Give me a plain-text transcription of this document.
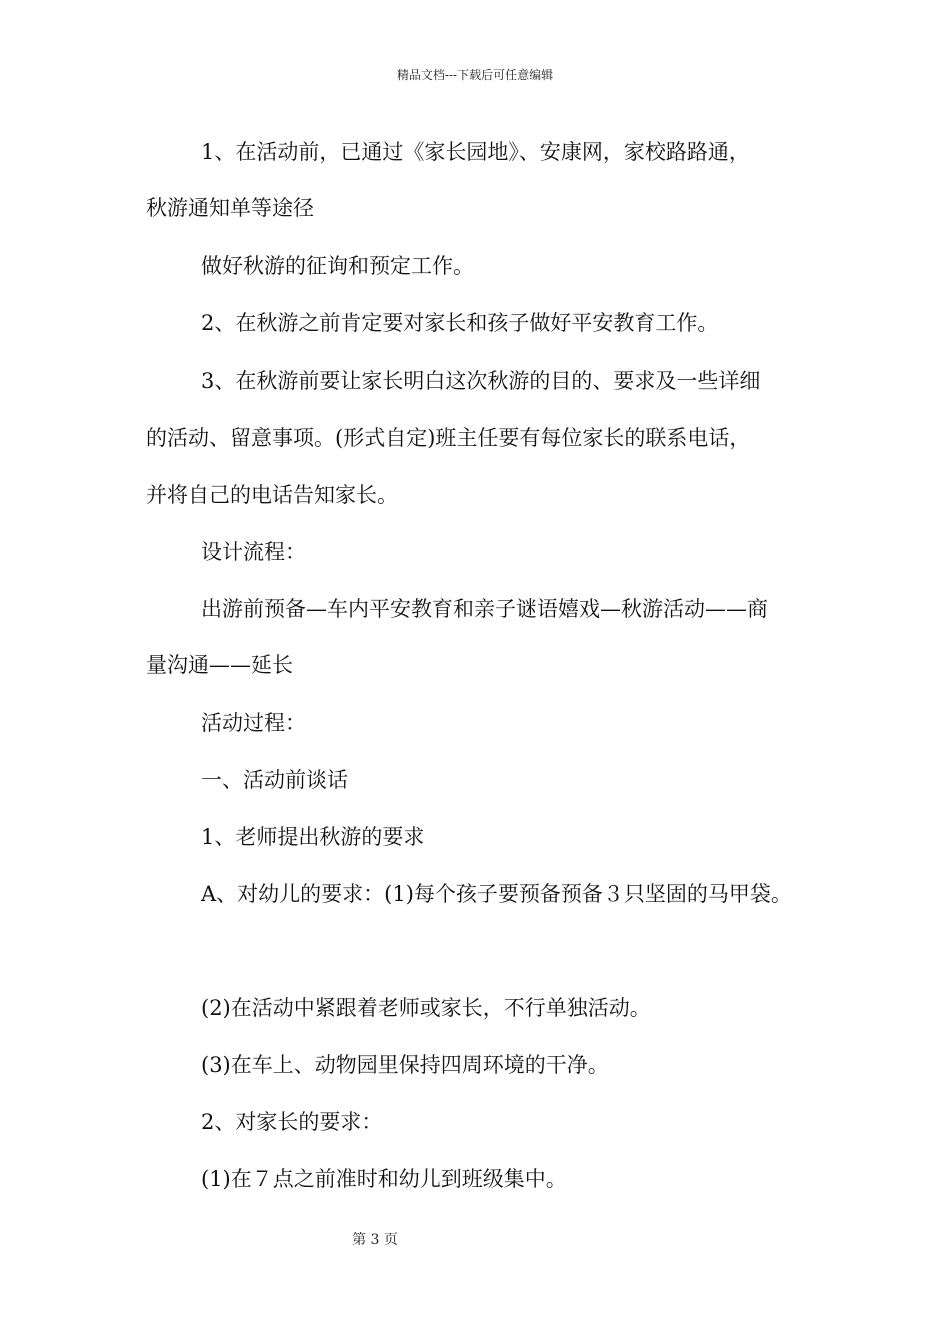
精品文档---下载后可任意编辑
1、在活动前，已通过《家长园地》、安康网，家校路路通，
秋游通知单等途径
做好秋游的征询和预定工作。
2、在秋游之前肯定要对家长和孩子做好平安教育工作。
3、在秋游前要让家长明白这次秋游的目的、要求及一些详细
的活动、留意事项。(形式自定)班主任要有每位家长的联系电话，
并将自己的电话告知家长。
设计流程：
出游前预备—车内平安教育和亲子谜语嬉戏—秋游活动——商
量沟通——延长
活动过程：
一、活动前谈话
1、老师提出秋游的要求
A、对幼儿的要求：(1)每个孩子要预备预备３只坚固的马甲袋。
(2)在活动中紧跟着老师或家长，不行单独活动。
(3)在车上、动物园里保持四周环境的干净。
2、对家长的要求：
(1)在７点之前准时和幼儿到班级集中。
第 3 页
